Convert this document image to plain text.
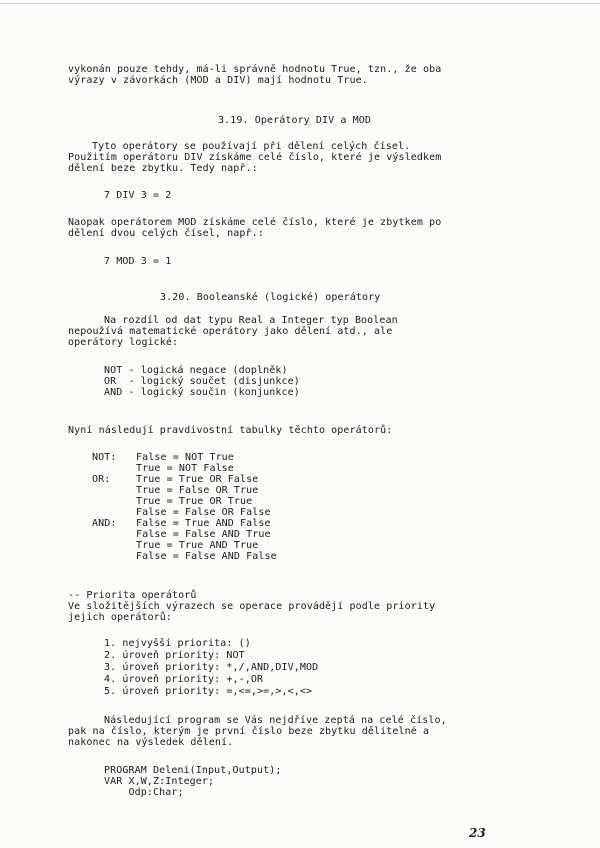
vykonán pouze tehdy, má-li správně hodnotu True, tzn., že oba
výrazy v závorkách (MOD a DIV) mají hodnotu True.
3.19. Operátory DIV a MOD
Tyto operátory se používají při dělení celých čísel.
Použitím operátoru DIV získáme celé číslo, které je výsledkem
dělení beze zbytku. Tedy např.:
7 DIV 3 = 2
Naopak operátorem MOD získáme celé číslo, které je zbytkem po
dělení dvou celých čísel, např.:
7 MOD 3 = 1
3.20. Booleanské (logické) operátory
Na rozdíl od dat typu Real a Integer typ Boolean
nepoužívá matematické operátory jako dělení atd., ale
operátory logické:
NOT - logická negace (doplněk)
OR  - logický součet (disjunkce)
AND - logický součin (konjunkce)
Nyní následují pravdivostní tabulky těchto operátorů:
NOT: False = NOT True
True = NOT False
OR:	True = True OR False
True = False OR True
True = True OR True
False = False OR False
AND: False = True AND False
False = False AND True
True = True AND True
False = False AND False
-- Priorita operátorů
Ve složitějších výrazech se operace provádějí podle priority
jejich operátorů:
1. nejvyšší priorita: ()
2. úroveň priority: NOT
3. úroveň priority: *,/,AND,DIV,MOD
4. úroveň priority: +,-,OR
5. úroveň priority: =,<=,>=,>,<,<>
Následující program se Vás nejdříve zeptá na celé číslo,
pak na číslo, kterým je první číslo beze zbytku dělitelné a
nakonec na výsledek dělení.
PROGRAM Deleni(Input,Output);
VAR X,W,Z:Integer;
Odp:Char;
23
